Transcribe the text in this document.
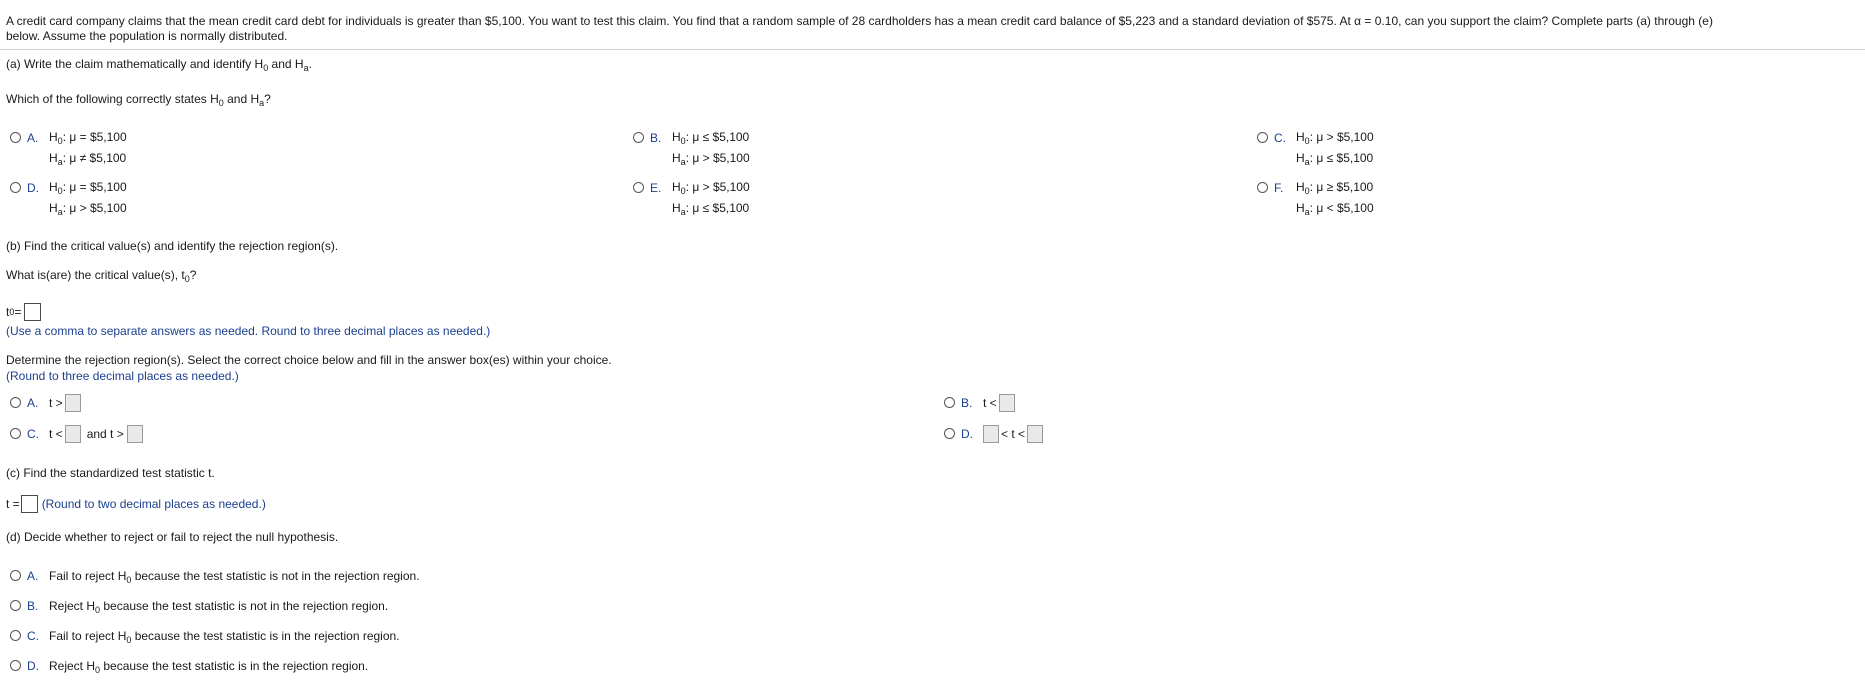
A credit card company claims that the mean credit card debt for individuals is greater than $5,100. You want to test this claim. You find that a random sample of 28 cardholders has a mean credit card balance of $5,223 and a standard deviation of $575. At α = 0.10, can you support the claim? Complete parts (a) through (e)
below. Assume the population is normally distributed.
(a) Write the claim mathematically and identify $H_0$ and $H_a$.
Which of the following correctly states $H_0$ and $H_a$?
A. $H_0$: μ = $5,100
$H_a$: μ ≠ $5,100
B. $H_0$: μ ≤ $5,100
$H_a$: μ > $5,100
C. $H_0$: μ > $5,100
$H_a$: μ ≤ $5,100
D. $H_0$: μ = $5,100
$H_a$: μ > $5,100
E. $H_0$: μ > $5,100
$H_a$: μ ≤ $5,100
F.	$H_0$: μ ≥ $5,100
$H_a$: μ < $5,100
(b) Find the critical value(s) and identify the rejection region(s).
What is(are) the critical value(s), $t_0$?
t 0 =
(Use a comma to separate answers as needed. Round to three decimal places as needed.)
Determine the rejection region(s). Select the correct choice below and fill in the answer box(es) within your choice.
(Round to three decimal places as needed.)
A. t >	B. t <
C. t < and t >	D.	< t <
(c) Find the standardized test statistic t.
t = (Round to two decimal places as needed.)
(d) Decide whether to reject or fail to reject the null hypothesis.
A. Fail to reject $H_0$ because the test statistic is not in the rejection region.
B. Reject $H_0$ because the test statistic is not in the rejection region.
C. Fail to reject $H_0$ because the test statistic is in the rejection region.
D. Reject $H_0$ because the test statistic is in the rejection region.
